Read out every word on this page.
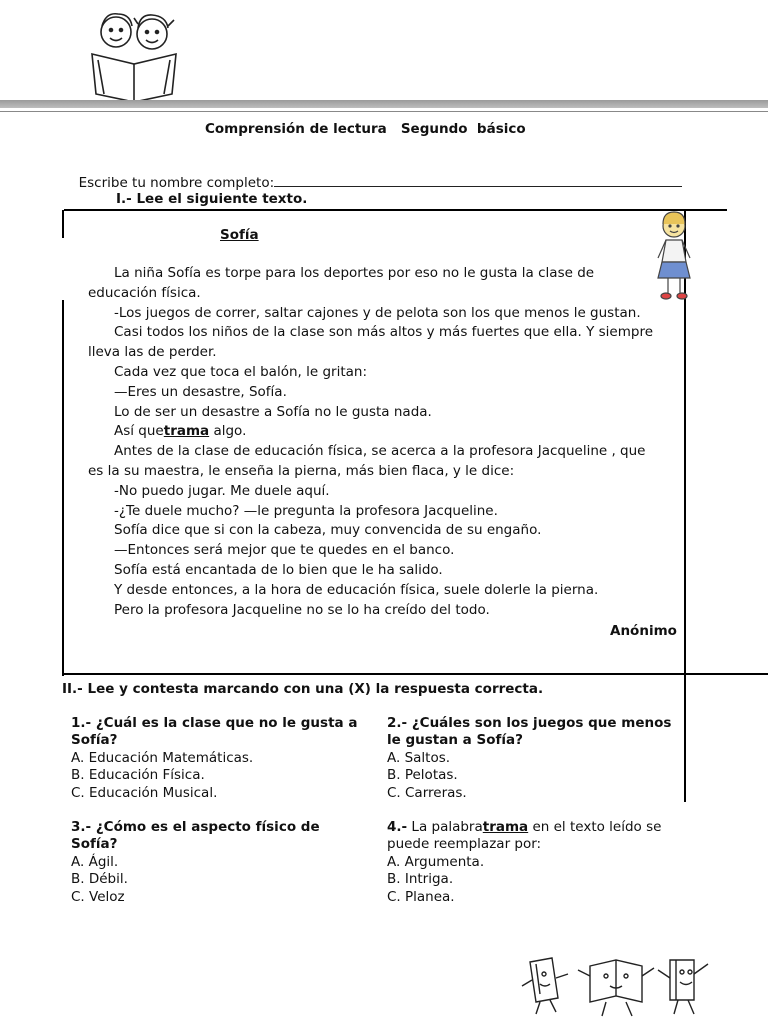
Comprensión de lectura   Segundo  básico

Escribe tu nombre completo:

I.- Lee el siguiente texto.
Sofía

La niña Sofía es torpe para los deportes por eso no le gusta la clase de

educación física.

-Los juegos de correr, saltar cajones y de pelota son los que menos le gustan.

Casi todos los niños de la clase son más altos y más fuertes que ella. Y siempre

lleva las de perder.

Cada vez que toca el balón, le gritan:

—Eres un desastre, Sofía.

Lo de ser un desastre a Sofía no le gusta nada.

Así quetrama algo.

Antes de la clase de educación física, se acerca a la profesora Jacqueline , que

es la su maestra, le enseña la pierna, más bien flaca, y le dice:

-No puedo jugar. Me duele aquí.

-¿Te duele mucho? —le pregunta la profesora Jacqueline.

Sofía dice que si con la cabeza, muy convencida de su engaño.

—Entonces será mejor que te quedes en el banco.

Sofía está encantada de lo bien que le ha salido.

Y desde entonces, a la hora de educación física, suele dolerle la pierna.

Pero la profesora Jacqueline no se lo ha creído del todo.

Anónimo
II.- Lee y contesta marcando con una (X) la respuesta correcta.
1.- ¿Cuál es la clase que no le gusta a
Sofía?
A. Educación Matemáticas.
B. Educación Física.
C. Educación Musical.
2.- ¿Cuáles son los juegos que menos
le gustan a Sofía?
A. Saltos.
B. Pelotas.
C. Carreras.
3.- ¿Cómo es el aspecto físico de
Sofía?
A. Ágil.
B. Débil.
C. Veloz
4.- La palabratrama en el texto leído se
puede reemplazar por:
A. Argumenta.
B. Intriga.
C. Planea.
